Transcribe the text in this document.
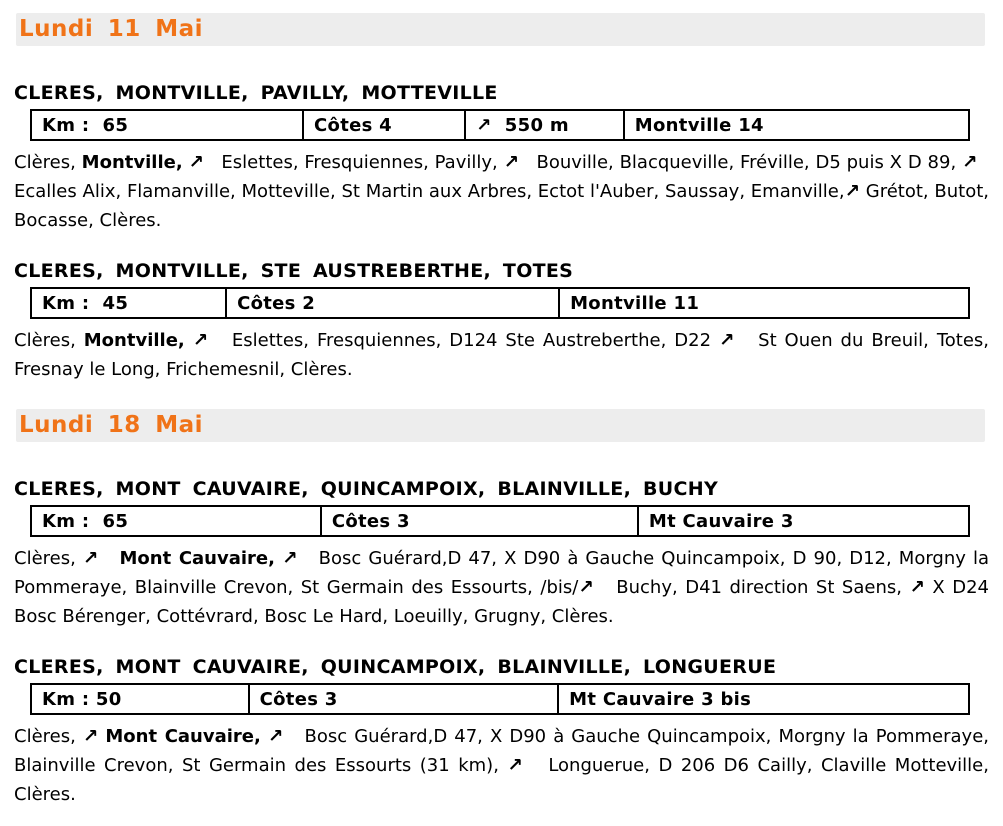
Lundi 11 Mai
CLERES, MONTVILLE, PAVILLY, MOTTEVILLE
Km :  65	Côtes 4	↗  550 m	Montville 14

Clères, Montville, ↗   Eslettes, Fresquiennes, Pavilly, ↗   Bouville, Blacqueville, Fréville, D5 puis X D 89, ↗   Ecalles Alix, Flamanville, Motteville, St Martin aux Arbres, Ectot l'Auber, Saussay, Emanville,↗ Grétot, Butot, Bocasse, Clères.

CLERES, MONTVILLE, STE AUSTREBERTHE, TOTES
Km :  45	Côtes 2	Montville 11

Clères, Montville, ↗   Eslettes, Fresquiennes, D124 Ste Austreberthe, D22 ↗   St Ouen du Breuil, Totes, Fresnay le Long, Frichemesnil, Clères.

Lundi 18 Mai
CLERES, MONT CAUVAIRE, QUINCAMPOIX, BLAINVILLE, BUCHY
Km :  65	Côtes 3	Mt Cauvaire 3

Clères, ↗ Mont Cauvaire, ↗   Bosc Guérard,D 47, X D90 à Gauche Quincampoix, D 90, D12, Morgny la Pommeraye, Blainville Crevon, St Germain des Essourts, /bis/↗   Buchy, D41 direction St Saens, ↗ X D24 Bosc Bérenger, Cottévrard, Bosc Le Hard, Loeuilly, Grugny, Clères.

CLERES, MONT CAUVAIRE, QUINCAMPOIX, BLAINVILLE, LONGUERUE
Km : 50	Côtes 3	Mt Cauvaire 3 bis

Clères, ↗ Mont Cauvaire, ↗   Bosc Guérard,D 47, X D90 à Gauche Quincampoix, Morgny la Pommeraye, Blainville Crevon, St Germain des Essourts (31 km), ↗   Longuerue, D 206 D6 Cailly, Claville Motteville, Clères.
